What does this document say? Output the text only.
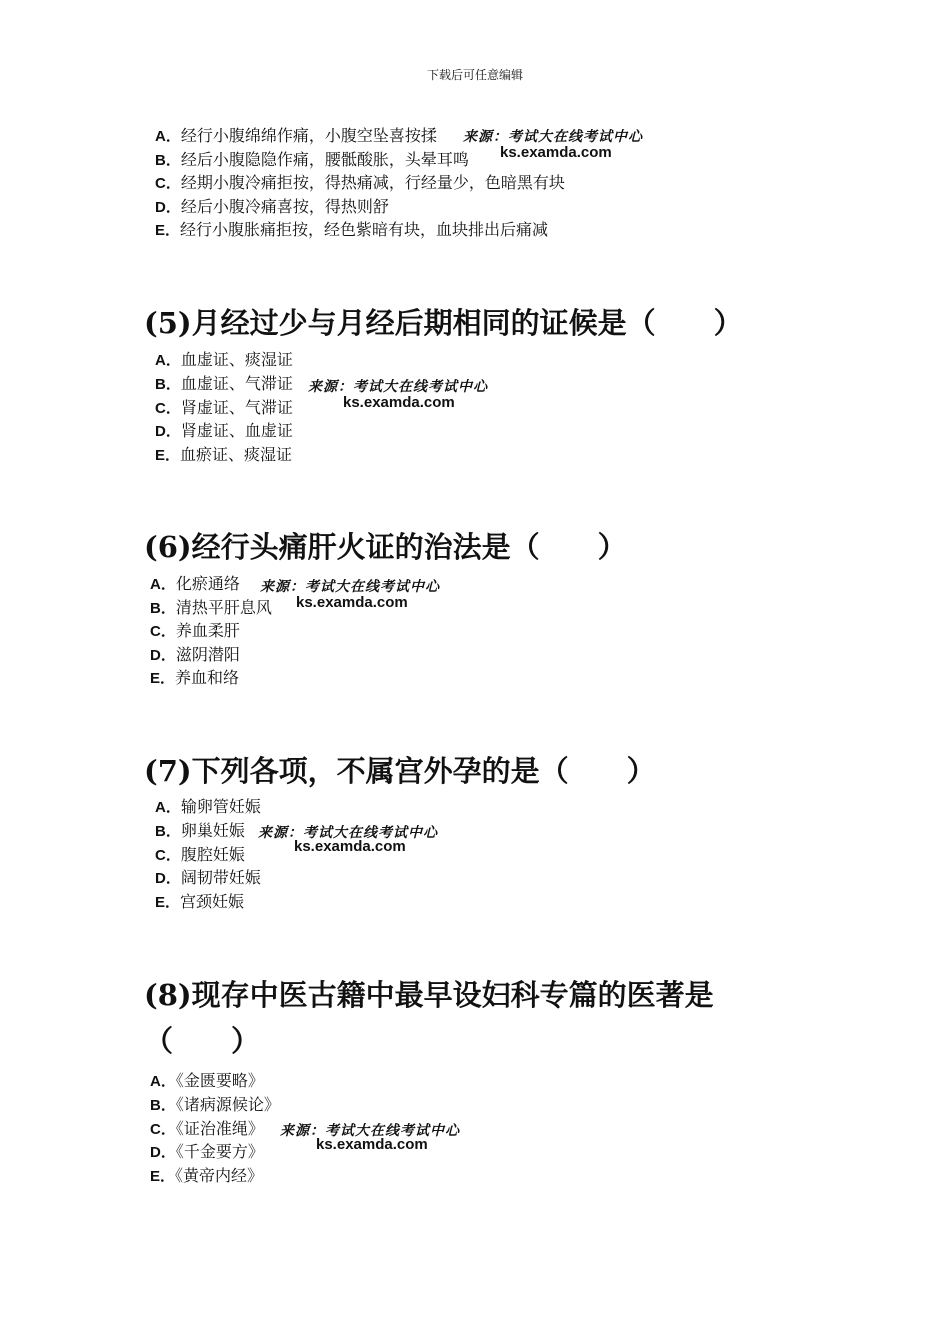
下载后可任意编辑
A．经行小腹绵绵作痛，小腹空坠喜按揉
B．经后小腹隐隐作痛，腰骶酸胀，头晕耳鸣
C．经期小腹冷痛拒按，得热痛减，行经量少，色暗黑有块
D．经后小腹冷痛喜按，得热则舒
E．经行小腹胀痛拒按，经色紫暗有块，血块排出后痛减
来源：考试大在线考试中心
ks.examda.com
(5)月经过少与月经后期相同的证候是（　　）
A．血虚证、痰湿证
B．血虚证、气滞证
C．肾虚证、气滞证
D．肾虚证、血虚证
E．血瘀证、痰湿证
来源：考试大在线考试中心
ks.examda.com
(6)经行头痛肝火证的治法是（　　）
A．化瘀通络
B．清热平肝息风
C．养血柔肝
D．滋阴潜阳
E．养血和络
来源：考试大在线考试中心
ks.examda.com
(7)下列各项，不属宫外孕的是（　　）
A．输卵管妊娠
B．卵巢妊娠
C．腹腔妊娠
D．阔韧带妊娠
E．宫颈妊娠
来源：考试大在线考试中心
ks.examda.com
(8)现存中医古籍中最早设妇科专篇的医著是（　　）
A．《金匮要略》
B．《诸病源候论》
C．《证治准绳》
D．《千金要方》
E．《黄帝内经》
来源：考试大在线考试中心
ks.examda.com
